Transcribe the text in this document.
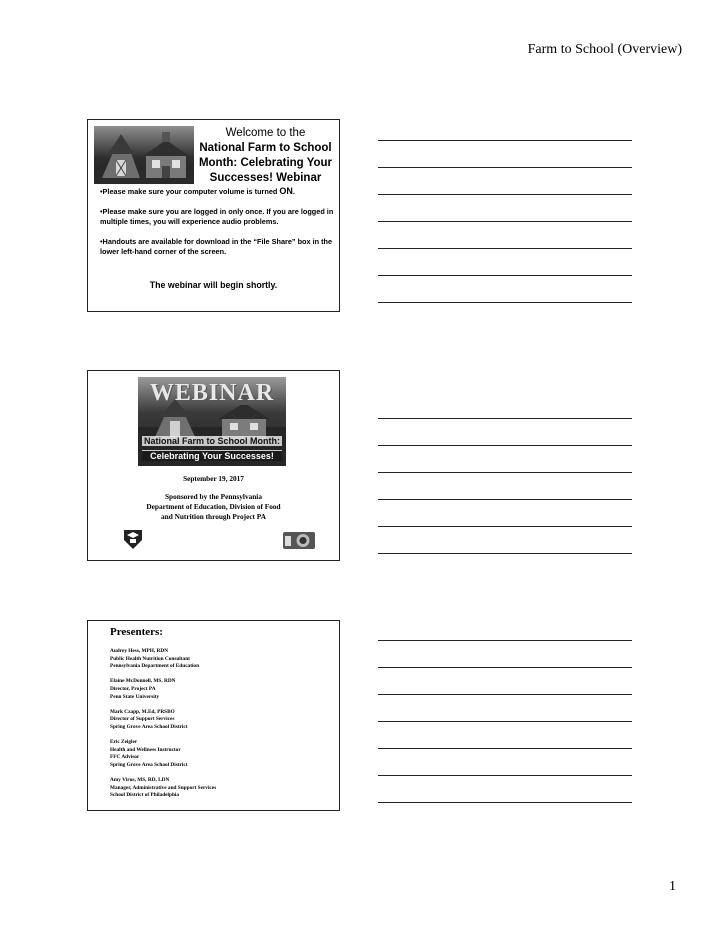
Farm to School (Overview)
Welcome to the
National Farm to School
Month: Celebrating Your
Successes! Webinar

•Please make sure your computer volume is turned ON.

•Please make sure you are logged in only once. If you are logged in multiple times, you will experience audio problems.

•Handouts are available for download in the “File Share” box in the lower left-hand corner of the screen.

The webinar will begin shortly.
WEBINAR
National Farm to School Month:
Celebrating Your Successes!
September 19, 2017
Sponsored by the Pennsylvania
Department of Education, Division of Food
and Nutrition through Project PA
Presenters:
Audrey Hess, MPH, RDN
Public Health Nutrition Consultant
Pennsylvania Department of Education
Elaine McDonnell, MS, RDN
Director, Project PA
Penn State University
Mark Czapp, M.Ed, PRSBO
Director of Support Services
Spring Grove Area School District
Eric Zeigler
Health and Wellness Instructor
FFC Advisor
Spring Grove Area School District
Amy Virus, MS, RD, LDN
Manager, Administrative and Support Services
School District of Philadelphia
1
